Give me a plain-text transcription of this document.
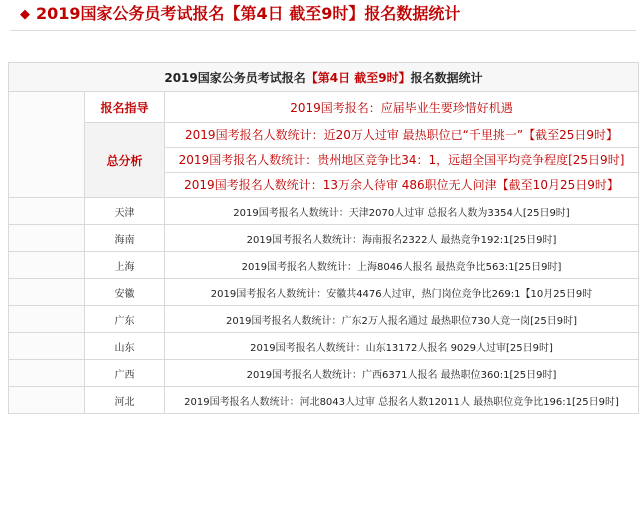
◆ 2019国家公务员考试报名【第4日 截至9时】报名数据统计
2019国家公务员考试报名【第4日 截至9时】报名数据统计		
	报名指导	2019国考报名：应届毕业生要珍惜好机遇
	总分析	2019国考报名人数统计：近20万人过审 最热职位已“千里挑一”【截至25日9时】
		2019国考报名人数统计：贵州地区竞争比34：1，远超全国平均竞争程度[25日9时]
		2019国考报名人数统计：13万余人待审 486职位无人问津【截至10月25日9时】
	天津	2019国考报名人数统计：天津2070人过审 总报名人数为3354人[25日9时]
	海南	2019国考报名人数统计：海南报名2322人 最热竞争192:1[25日9时]
	上海	2019国考报名人数统计：上海8046人报名 最热竞争比563:1[25日9时]
	安徽	2019国考报名人数统计：安徽共4476人过审，热门岗位竞争比269:1【10月25日9时
	广东	2019国考报名人数统计：广东2万人报名通过 最热职位730人竞一岗[25日9时]
	山东	2019国考报名人数统计：山东13172人报名 9029人过审[25日9时]
	广西	2019国考报名人数统计：广西6371人报名 最热职位360:1[25日9时]
	河北	2019国考报名人数统计：河北8043人过审 总报名人数12011人 最热职位竞争比196:1[25日9时]
